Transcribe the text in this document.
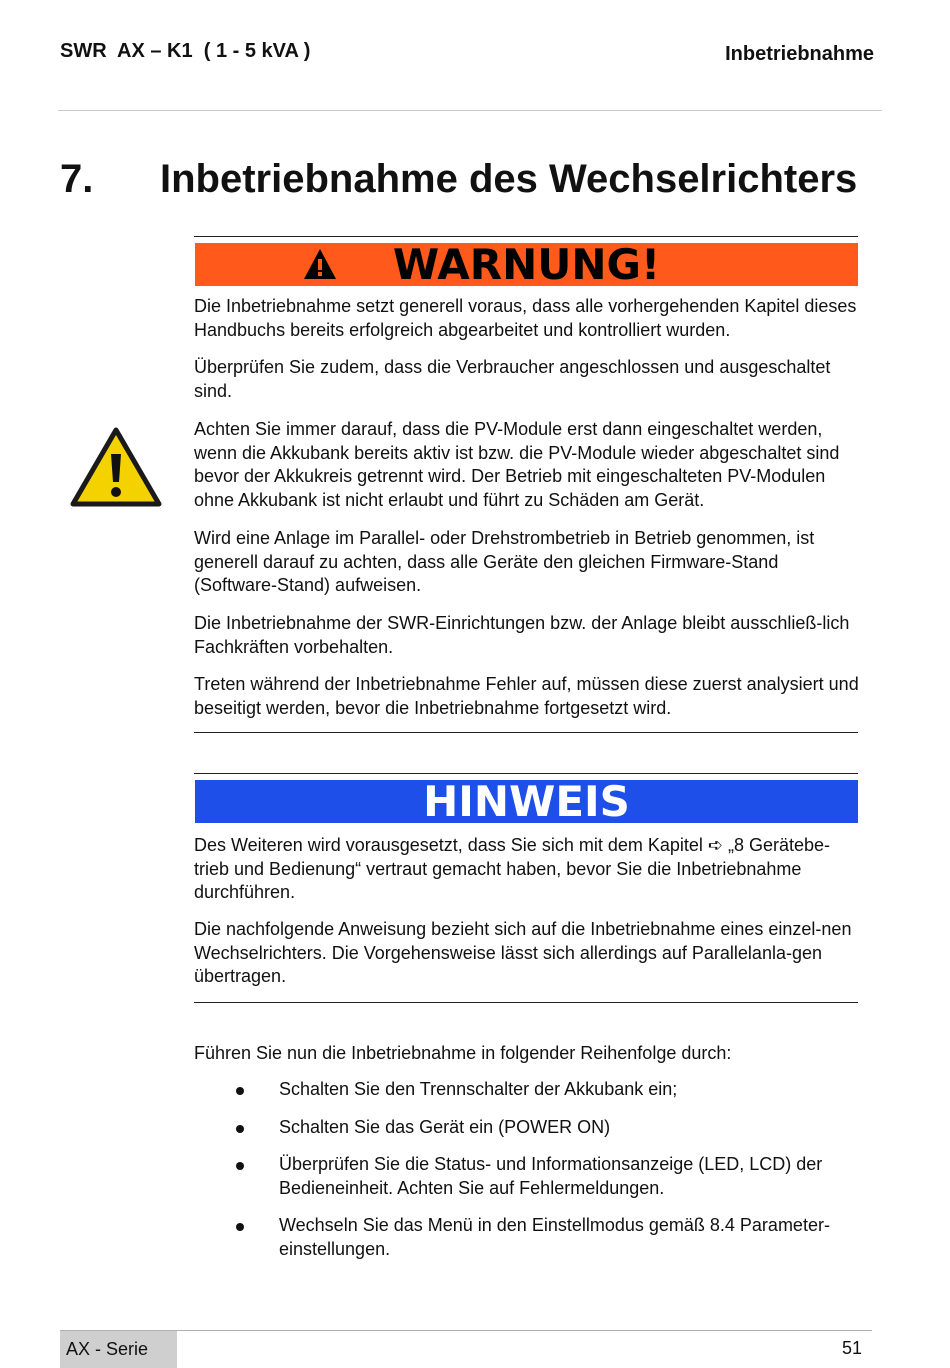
SWR  AX – K1  ( 1 - 5 kVA )	Inbetriebnahme
7. Inbetriebnahme des Wechselrichters
WARNUNG!

Die Inbetriebnahme setzt generell voraus, dass alle vorhergehenden Kapitel dieses Handbuchs bereits erfolgreich abgearbeitet und kontrolliert wurden.

Überprüfen Sie zudem, dass die Verbraucher angeschlossen und ausgeschaltet sind.

Achten Sie immer darauf, dass die PV-Module erst dann eingeschaltet werden, wenn die Akkubank bereits aktiv ist bzw. die PV-Module wieder abgeschaltet sind bevor der Akkukreis getrennt wird. Der Betrieb mit eingeschalteten PV-Modulen ohne Akkubank ist nicht erlaubt und führt zu Schäden am Gerät.

Wird eine Anlage im Parallel- oder Drehstrombetrieb in Betrieb genommen, ist generell darauf zu achten, dass alle Geräte den gleichen Firmware-Stand (Software-Stand) aufweisen.

Die Inbetriebnahme der SWR-Einrichtungen bzw. der Anlage bleibt ausschließ-lich Fachkräften vorbehalten.

Treten während der Inbetriebnahme Fehler auf, müssen diese zuerst analysiert und beseitigt werden, bevor die Inbetriebnahme fortgesetzt wird.

HINWEIS

Des Weiteren wird vorausgesetzt, dass Sie sich mit dem Kapitel ➪ „8 Gerätebe-trieb und Bedienung“ vertraut gemacht haben, bevor Sie die Inbetriebnahme durchführen.

Die nachfolgende Anweisung bezieht sich auf die Inbetriebnahme eines einzel-nen Wechselrichters. Die Vorgehensweise lässt sich allerdings auf Parallelanla-gen übertragen.

Führen Sie nun die Inbetriebnahme in folgender Reihenfolge durch:

Schalten Sie den Trennschalter der Akkubank ein;
Schalten Sie das Gerät ein (POWER ON)
Überprüfen Sie die Status- und Informationsanzeige (LED, LCD) der Bedieneinheit. Achten Sie auf Fehlermeldungen.
Wechseln Sie das Menü in den Einstellmodus gemäß 8.4 Parameter-einstellungen.
AX - Serie	51
